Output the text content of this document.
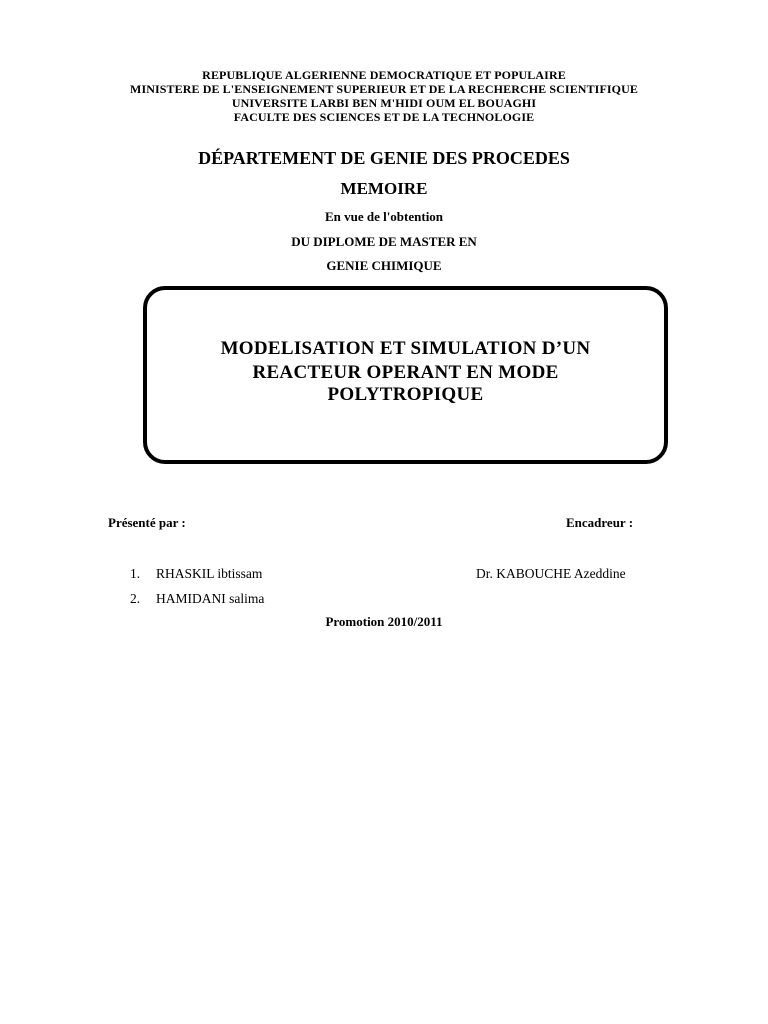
REPUBLIQUE ALGERIENNE DEMOCRATIQUE ET POPULAIRE
MINISTERE DE L'ENSEIGNEMENT SUPERIEUR ET DE LA RECHERCHE SCIENTIFIQUE
UNIVERSITE LARBI BEN M'HIDI OUM EL BOUAGHI
FACULTE DES SCIENCES ET DE LA TECHNOLOGIE
DÉPARTEMENT DE GENIE DES PROCEDES
MEMOIRE
En vue de l'obtention
DU DIPLOME DE MASTER EN
GENIE CHIMIQUE
MODELISATION ET SIMULATION D’UN
REACTEUR OPERANT EN MODE
POLYTROPIQUE
Présenté par :	Encadreur :
1. RHASKIL ibtissam
2. HAMIDANI salima
Dr. KABOUCHE Azeddine
Promotion 2010/2011
